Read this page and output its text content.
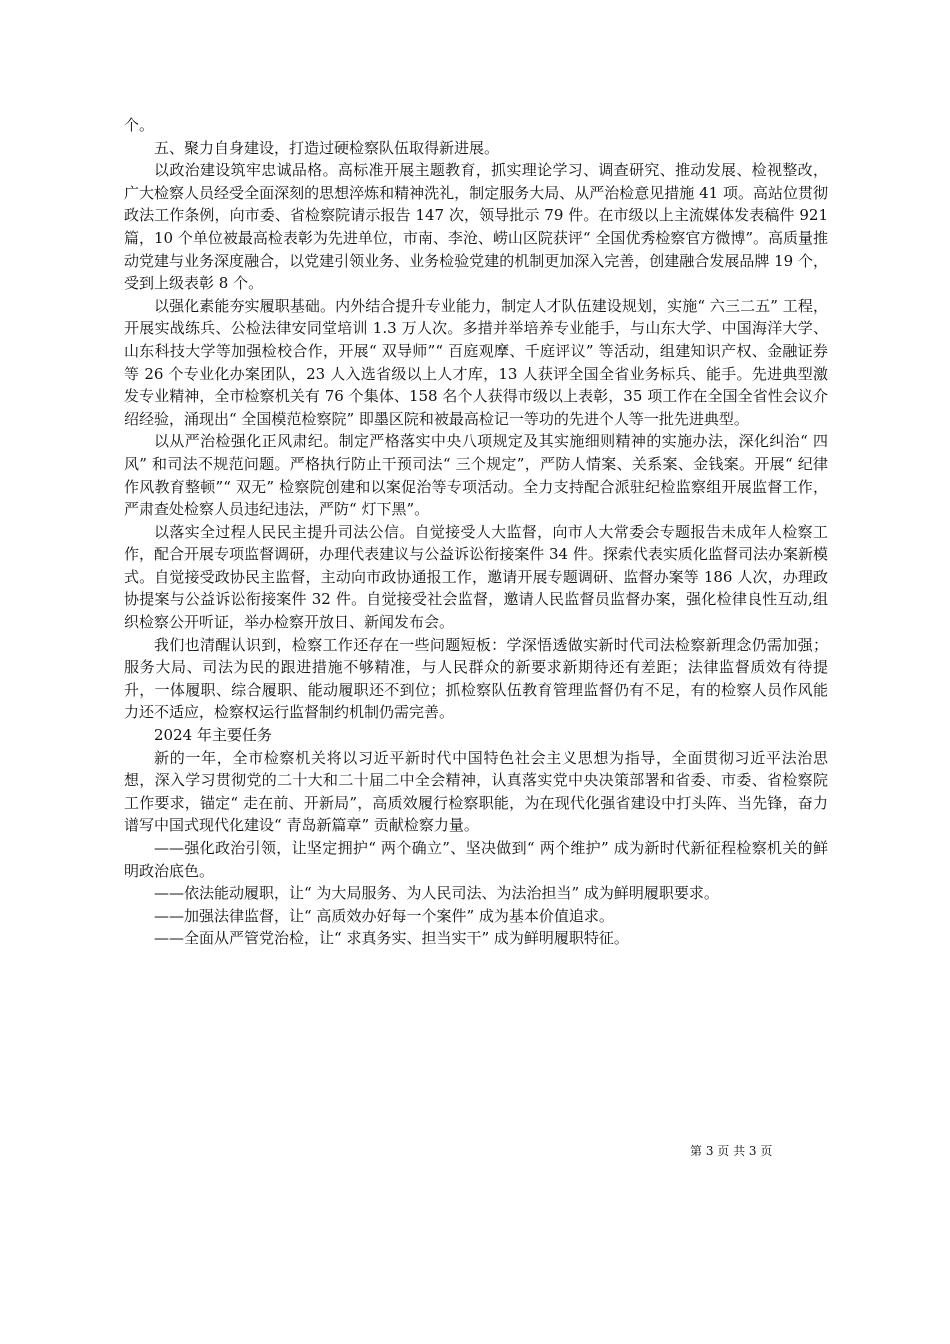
个。

五、聚力自身建设，打造过硬检察队伍取得新进展。

以政治建设筑牢忠诚品格。高标准开展主题教育，抓实理论学习、调查研究、推动发展、检视整改，广大检察人员经受全面深刻的思想淬炼和精神洗礼，制定服务大局、从严治检意见措施 41 项。高站位贯彻政法工作条例，向市委、省检察院请示报告 147 次，领导批示 79 件。在市级以上主流媒体发表稿件 921 篇，10 个单位被最高检表彰为先进单位，市南、李沧、崂山区院获评“ 全国优秀检察官方微博”。高质量推动党建与业务深度融合，以党建引领业务、业务检验党建的机制更加深入完善，创建融合发展品牌 19 个，受到上级表彰 8 个。

以强化素能夯实履职基础。内外结合提升专业能力，制定人才队伍建设规划，实施“ 六三二五” 工程，开展实战练兵、公检法律安同堂培训 1.3 万人次。多措并举培养专业能手，与山东大学、中国海洋大学、山东科技大学等加强检校合作，开展“ 双导师”“ 百庭观摩、千庭评议” 等活动，组建知识产权、金融证券等 26 个专业化办案团队，23 人入选省级以上人才库，13 人获评全国全省业务标兵、能手。先进典型激发专业精神，全市检察机关有 76 个集体、158 名个人获得市级以上表彰，35 项工作在全国全省性会议介绍经验，涌现出“ 全国模范检察院” 即墨区院和被最高检记一等功的先进个人等一批先进典型。

以从严治检强化正风肃纪。制定严格落实中央八项规定及其实施细则精神的实施办法，深化纠治“ 四风” 和司法不规范问题。严格执行防止干预司法“ 三个规定”，严防人情案、关系案、金钱案。开展“ 纪律作风教育整顿”“ 双无” 检察院创建和以案促治等专项活动。全力支持配合派驻纪检监察组开展监督工作，严肃查处检察人员违纪违法，严防“ 灯下黑”。

以落实全过程人民民主提升司法公信。自觉接受人大监督，向市人大常委会专题报告未成年人检察工作，配合开展专项监督调研，办理代表建议与公益诉讼衔接案件 34 件。探索代表实质化监督司法办案新模式。自觉接受政协民主监督，主动向市政协通报工作，邀请开展专题调研、监督办案等 186 人次，办理政协提案与公益诉讼衔接案件 32 件。自觉接受社会监督，邀请人民监督员监督办案，强化检律良性互动,组织检察公开听证，举办检察开放日、新闻发布会。

我们也清醒认识到，检察工作还存在一些问题短板：学深悟透做实新时代司法检察新理念仍需加强；服务大局、司法为民的跟进措施不够精准，与人民群众的新要求新期待还有差距；法律监督质效有待提升，一体履职、综合履职、能动履职还不到位；抓检察队伍教育管理监督仍有不足，有的检察人员作风能力还不适应，检察权运行监督制约机制仍需完善。

2024 年主要任务

新的一年，全市检察机关将以习近平新时代中国特色社会主义思想为指导，全面贯彻习近平法治思想，深入学习贯彻党的二十大和二十届二中全会精神，认真落实党中央决策部署和省委、市委、省检察院工作要求，锚定“ 走在前、开新局”，高质效履行检察职能，为在现代化强省建设中打头阵、当先锋，奋力谱写中国式现代化建设“ 青岛新篇章” 贡献检察力量。

——强化政治引领，让坚定拥护“ 两个确立”、坚决做到“ 两个维护” 成为新时代新征程检察机关的鲜明政治底色。

——依法能动履职，让“ 为大局服务、为人民司法、为法治担当” 成为鲜明履职要求。

——加强法律监督，让“ 高质效办好每一个案件” 成为基本价值追求。

——全面从严管党治检，让“ 求真务实、担当实干” 成为鲜明履职特征。

第 3 页 共 3 页
